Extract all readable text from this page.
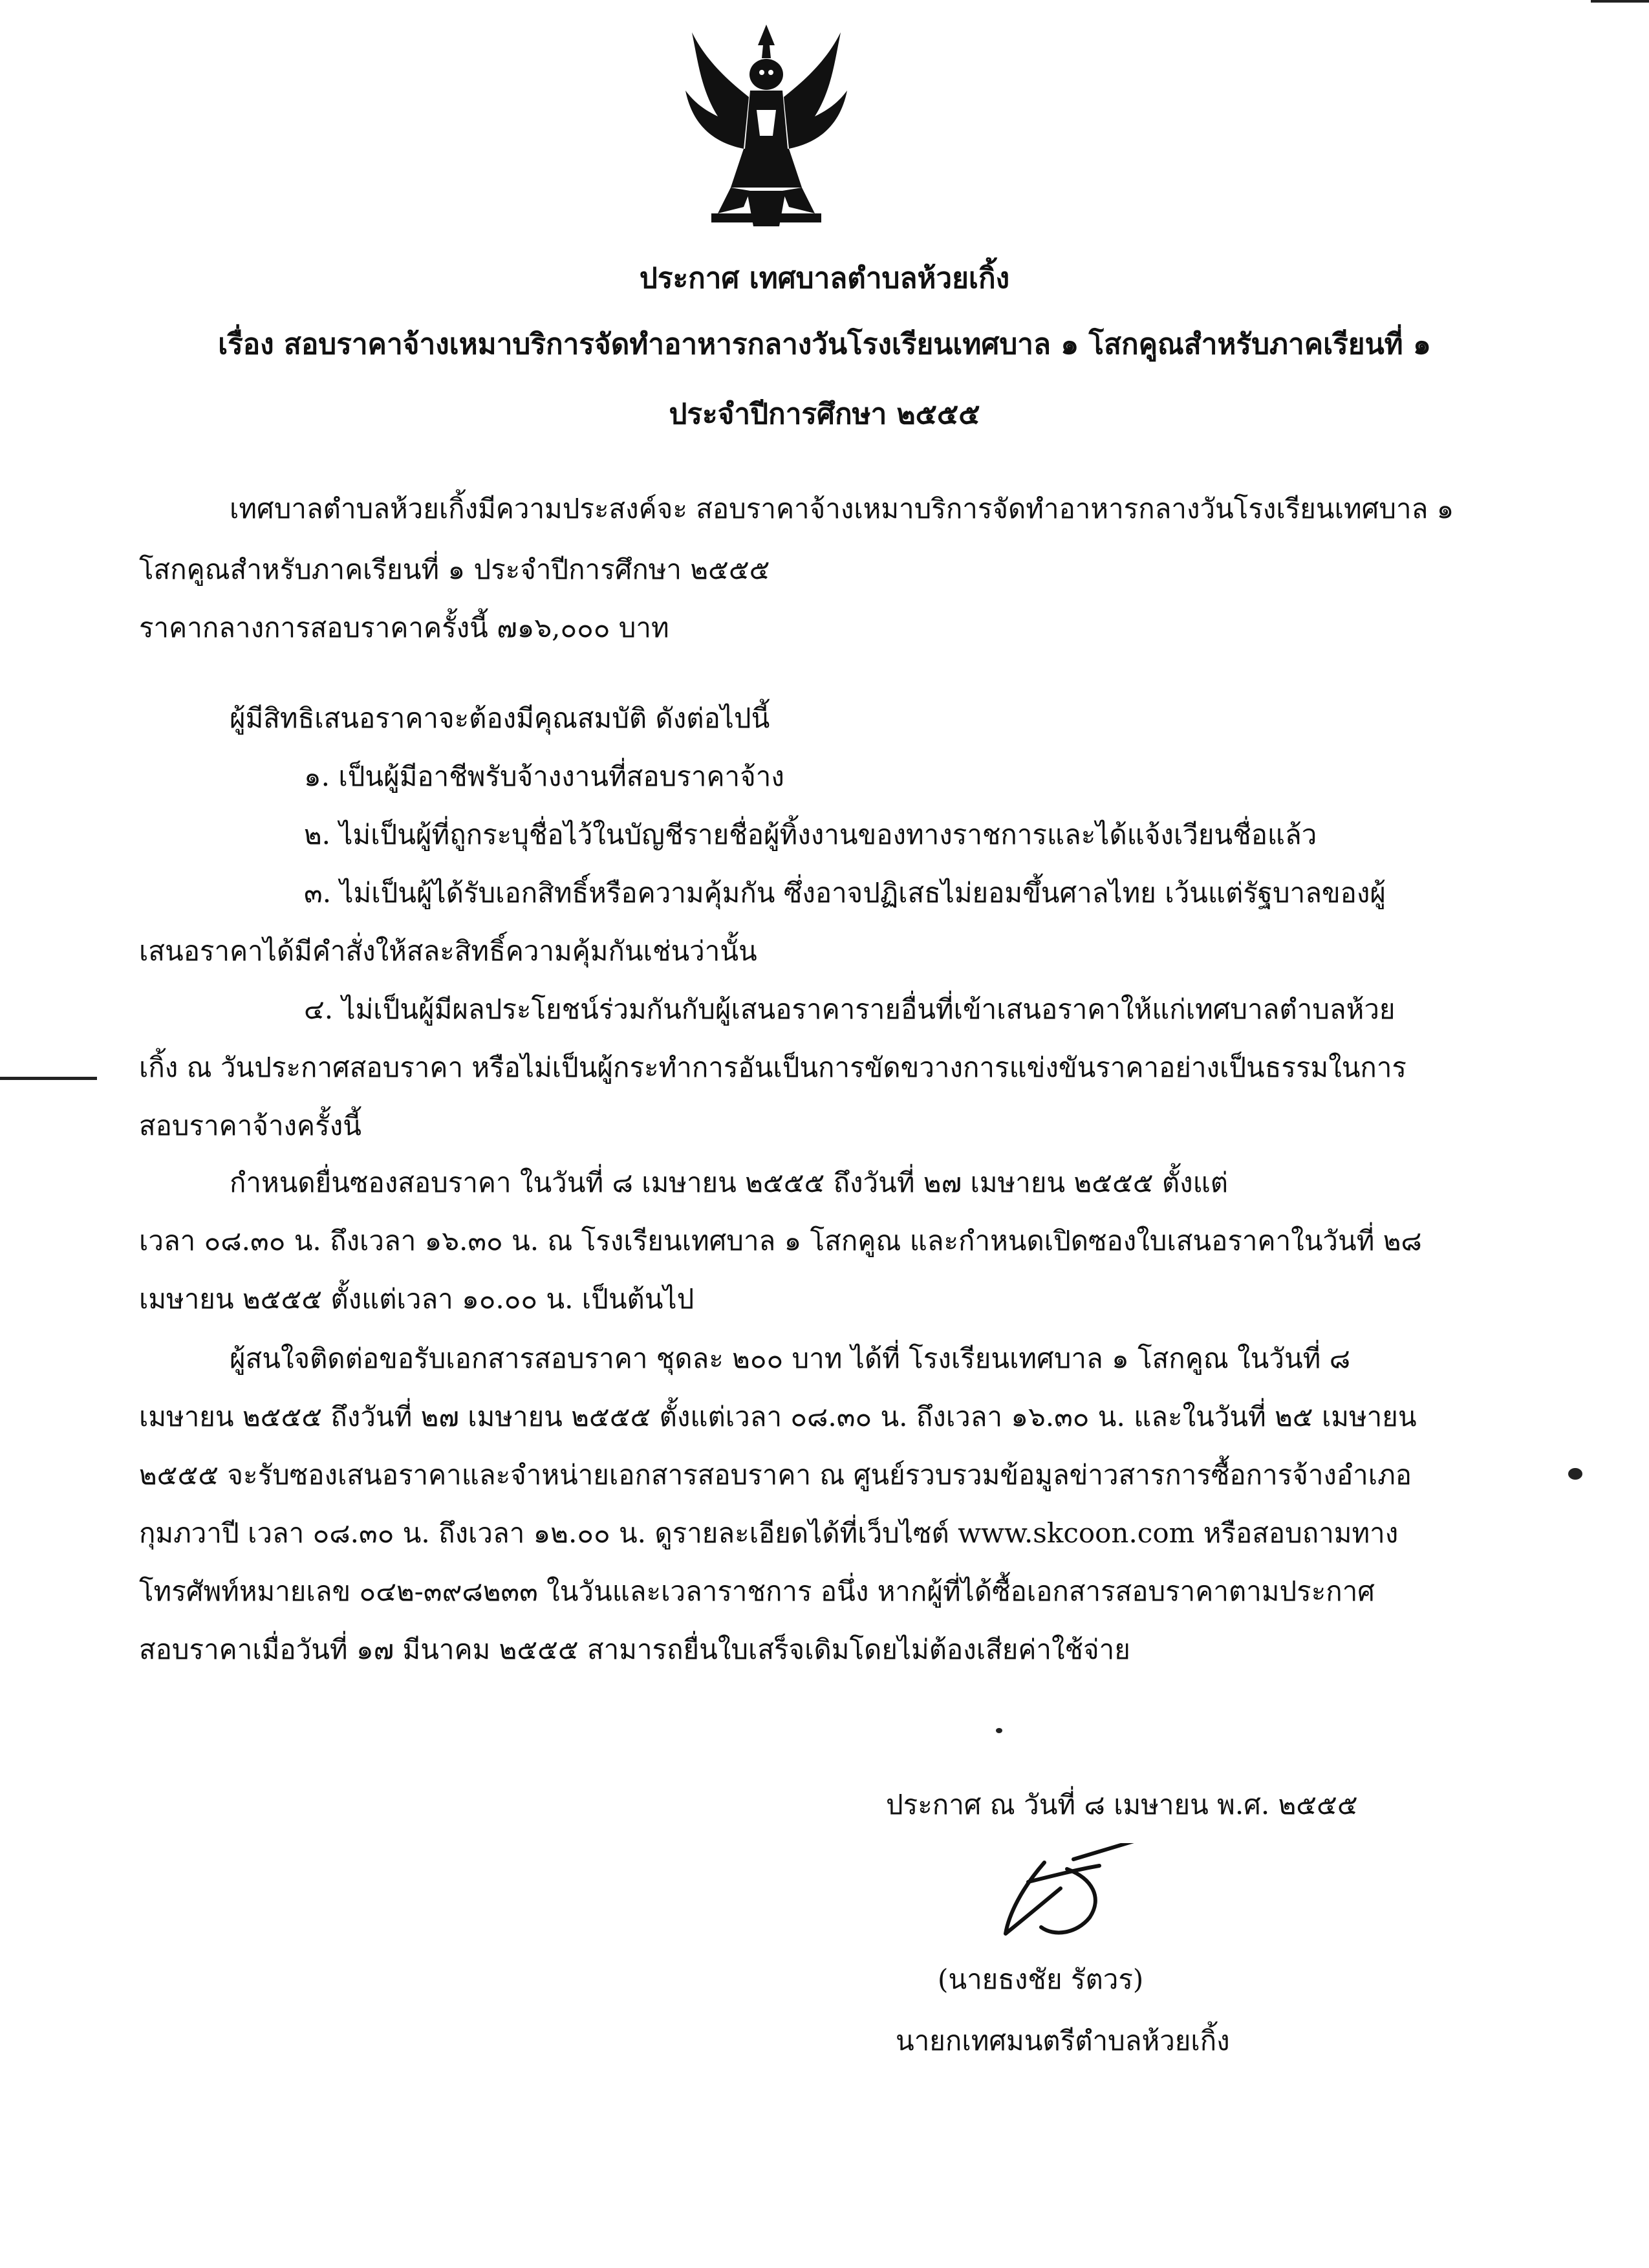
ประกาศ เทศบาลตำบลห้วยเกิ้ง
เรื่อง สอบราคาจ้างเหมาบริการจัดทำอาหารกลางวันโรงเรียนเทศบาล ๑ โสกคูณสำหรับภาคเรียนที่ ๑
ประจำปีการศึกษา ๒๕๕๕
เทศบาลตำบลห้วยเกิ้งมีความประสงค์จะ สอบราคาจ้างเหมาบริการจัดทำอาหารกลางวันโรงเรียนเทศบาล ๑
โสกคูณสำหรับภาคเรียนที่ ๑ ประจำปีการศึกษา ๒๕๕๕
ราคากลางการสอบราคาครั้งนี้ ๗๑๖,๐๐๐ บาท
ผู้มีสิทธิเสนอราคาจะต้องมีคุณสมบัติ ดังต่อไปนี้
๑. เป็นผู้มีอาชีพรับจ้างงานที่สอบราคาจ้าง
๒. ไม่เป็นผู้ที่ถูกระบุชื่อไว้ในบัญชีรายชื่อผู้ทิ้งงานของทางราชการและได้แจ้งเวียนชื่อแล้ว
๓. ไม่เป็นผู้ได้รับเอกสิทธิ์หรือความคุ้มกัน ซึ่งอาจปฏิเสธไม่ยอมขึ้นศาลไทย เว้นแต่รัฐบาลของผู้
เสนอราคาได้มีคำสั่งให้สละสิทธิ์ความคุ้มกันเช่นว่านั้น
๔. ไม่เป็นผู้มีผลประโยชน์ร่วมกันกับผู้เสนอราคารายอื่นที่เข้าเสนอราคาให้แก่เทศบาลตำบลห้วย
เกิ้ง ณ วันประกาศสอบราคา หรือไม่เป็นผู้กระทำการอันเป็นการขัดขวางการแข่งขันราคาอย่างเป็นธรรมในการ
สอบราคาจ้างครั้งนี้
กำหนดยื่นซองสอบราคา ในวันที่ ๘ เมษายน ๒๕๕๕ ถึงวันที่ ๒๗ เมษายน ๒๕๕๕ ตั้งแต่
เวลา ๐๘.๓๐ น. ถึงเวลา ๑๖.๓๐ น. ณ โรงเรียนเทศบาล ๑ โสกคูณ และกำหนดเปิดซองใบเสนอราคาในวันที่ ๒๘
เมษายน ๒๕๕๕ ตั้งแต่เวลา ๑๐.๐๐ น. เป็นต้นไป
ผู้สนใจติดต่อขอรับเอกสารสอบราคา ชุดละ ๒๐๐ บาท ได้ที่ โรงเรียนเทศบาล ๑ โสกคูณ ในวันที่ ๘
เมษายน ๒๕๕๕ ถึงวันที่ ๒๗ เมษายน ๒๕๕๕ ตั้งแต่เวลา ๐๘.๓๐ น. ถึงเวลา ๑๖.๓๐ น. และในวันที่ ๒๕ เมษายน
๒๕๕๕ จะรับซองเสนอราคาและจำหน่ายเอกสารสอบราคา ณ ศูนย์รวบรวมข้อมูลข่าวสารการซื้อการจ้างอำเภอ
กุมภวาปี เวลา ๐๘.๓๐ น. ถึงเวลา ๑๒.๐๐ น. ดูรายละเอียดได้ที่เว็บไซต์ www.skcoon.com หรือสอบถามทาง
โทรศัพท์หมายเลข ๐๔๒-๓๙๘๒๓๓ ในวันและเวลาราชการ อนึ่ง หากผู้ที่ได้ซื้อเอกสารสอบราคาตามประกาศ
สอบราคาเมื่อวันที่ ๑๗ มีนาคม ๒๕๕๕ สามารถยื่นใบเสร็จเดิมโดยไม่ต้องเสียค่าใช้จ่าย
ประกาศ ณ วันที่ ๘ เมษายน พ.ศ. ๒๕๕๕
(นายธงชัย รัตวร)
นายกเทศมนตรีตำบลห้วยเกิ้ง
